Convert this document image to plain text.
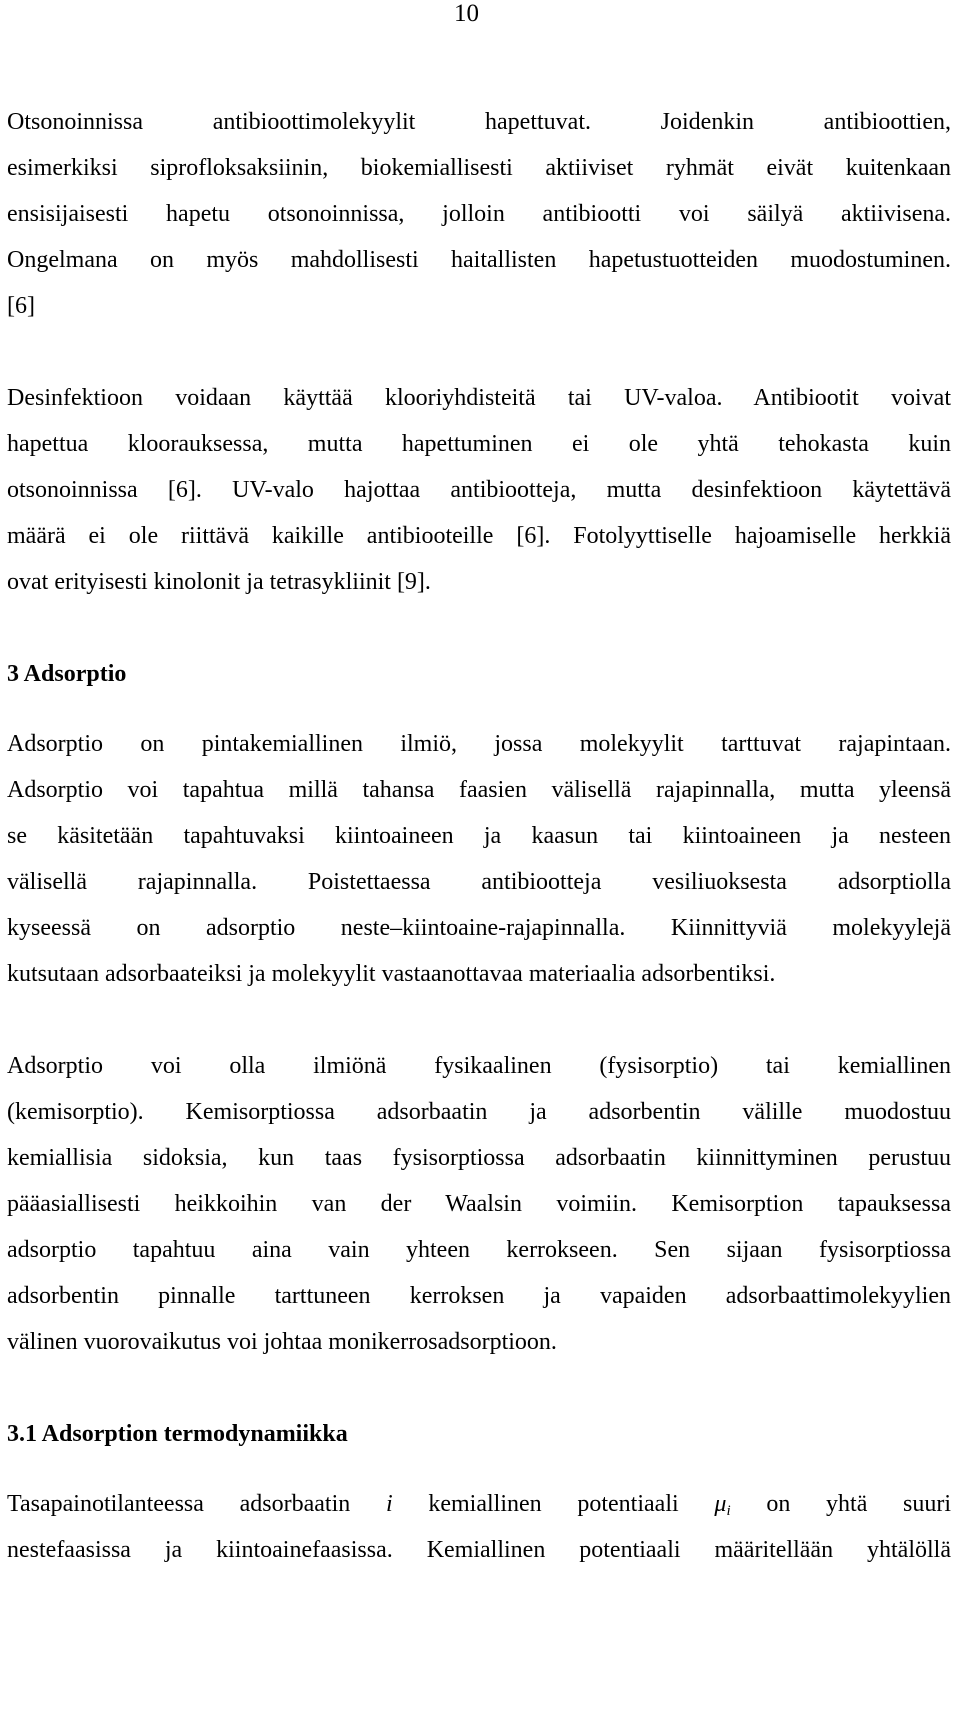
10
Otsonoinnissa antibioottimolekyylit hapettuvat. Joidenkin antibioottien,
esimerkiksi siprofloksaksiinin, biokemiallisesti aktiiviset ryhmät eivät kuitenkaan
ensisijaisesti hapetu otsonoinnissa, jolloin antibiootti voi säilyä aktiivisena.
Ongelmana on myös mahdollisesti haitallisten hapetustuotteiden muodostuminen.
[6]
Desinfektioon voidaan käyttää klooriyhdisteitä tai UV-valoa. Antibiootit voivat
hapettua kloorauksessa, mutta hapettuminen ei ole yhtä tehokasta kuin
otsonoinnissa [6]. UV-valo hajottaa antibiootteja, mutta desinfektioon käytettävä
määrä ei ole riittävä kaikille antibiooteille [6]. Fotolyyttiselle hajoamiselle herkkiä
ovat erityisesti kinolonit ja tetrasykliinit [9].
3 Adsorptio
Adsorptio on pintakemiallinen ilmiö, jossa molekyylit tarttuvat rajapintaan.
Adsorptio voi tapahtua millä tahansa faasien välisellä rajapinnalla, mutta yleensä
se käsitetään tapahtuvaksi kiintoaineen ja kaasun tai kiintoaineen ja nesteen
välisellä rajapinnalla. Poistettaessa antibiootteja vesiliuoksesta adsorptiolla
kyseessä on adsorptio neste–kiintoaine-rajapinnalla. Kiinnittyviä molekyylejä
kutsutaan adsorbaateiksi ja molekyylit vastaanottavaa materiaalia adsorbentiksi.
Adsorptio voi olla ilmiönä fysikaalinen (fysisorptio) tai kemiallinen
(kemisorptio). Kemisorptiossa adsorbaatin ja adsorbentin välille muodostuu
kemiallisia sidoksia, kun taas fysisorptiossa adsorbaatin kiinnittyminen perustuu
pääasiallisesti heikkoihin van der Waalsin voimiin. Kemisorption tapauksessa
adsorptio tapahtuu aina vain yhteen kerrokseen. Sen sijaan fysisorptiossa
adsorbentin pinnalle tarttuneen kerroksen ja vapaiden adsorbaattimolekyylien
välinen vuorovaikutus voi johtaa monikerrosadsorptioon.
3.1 Adsorption termodynamiikka
Tasapainotilanteessa adsorbaatin i kemiallinen potentiaali $\mu_i$ on yhtä suuri
nestefaasissa ja kiintoainefaasissa. Kemiallinen potentiaali määritellään yhtälöllä
